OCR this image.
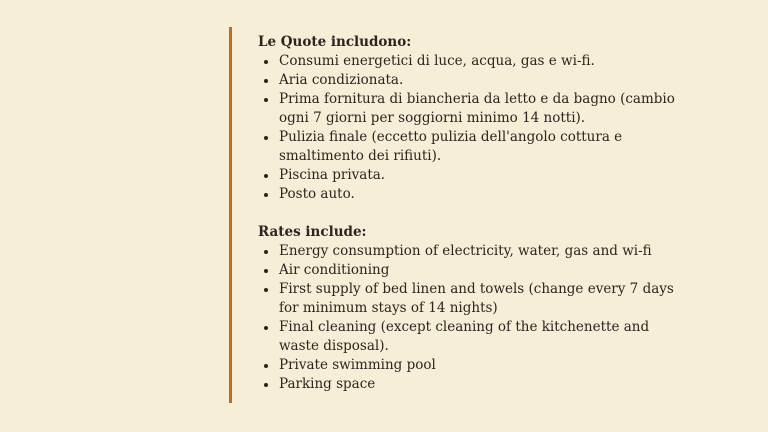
Le Quote includono:

Consumi energetici di luce, acqua, gas e wi-fi.
Aria condizionata.
Prima fornitura di biancheria da letto e da bagno (cambio ogni 7 giorni per soggiorni minimo 14 notti).
Pulizia finale (eccetto pulizia dell'angolo cottura e smaltimento dei rifiuti).
Piscina privata.
Posto auto.

Rates include:

Energy consumption of electricity, water, gas and wi-fi
Air conditioning
First supply of bed linen and towels (change every 7 days for minimum stays of 14 nights)
Final cleaning (except cleaning of the kitchenette and waste disposal).
Private swimming pool
Parking space
